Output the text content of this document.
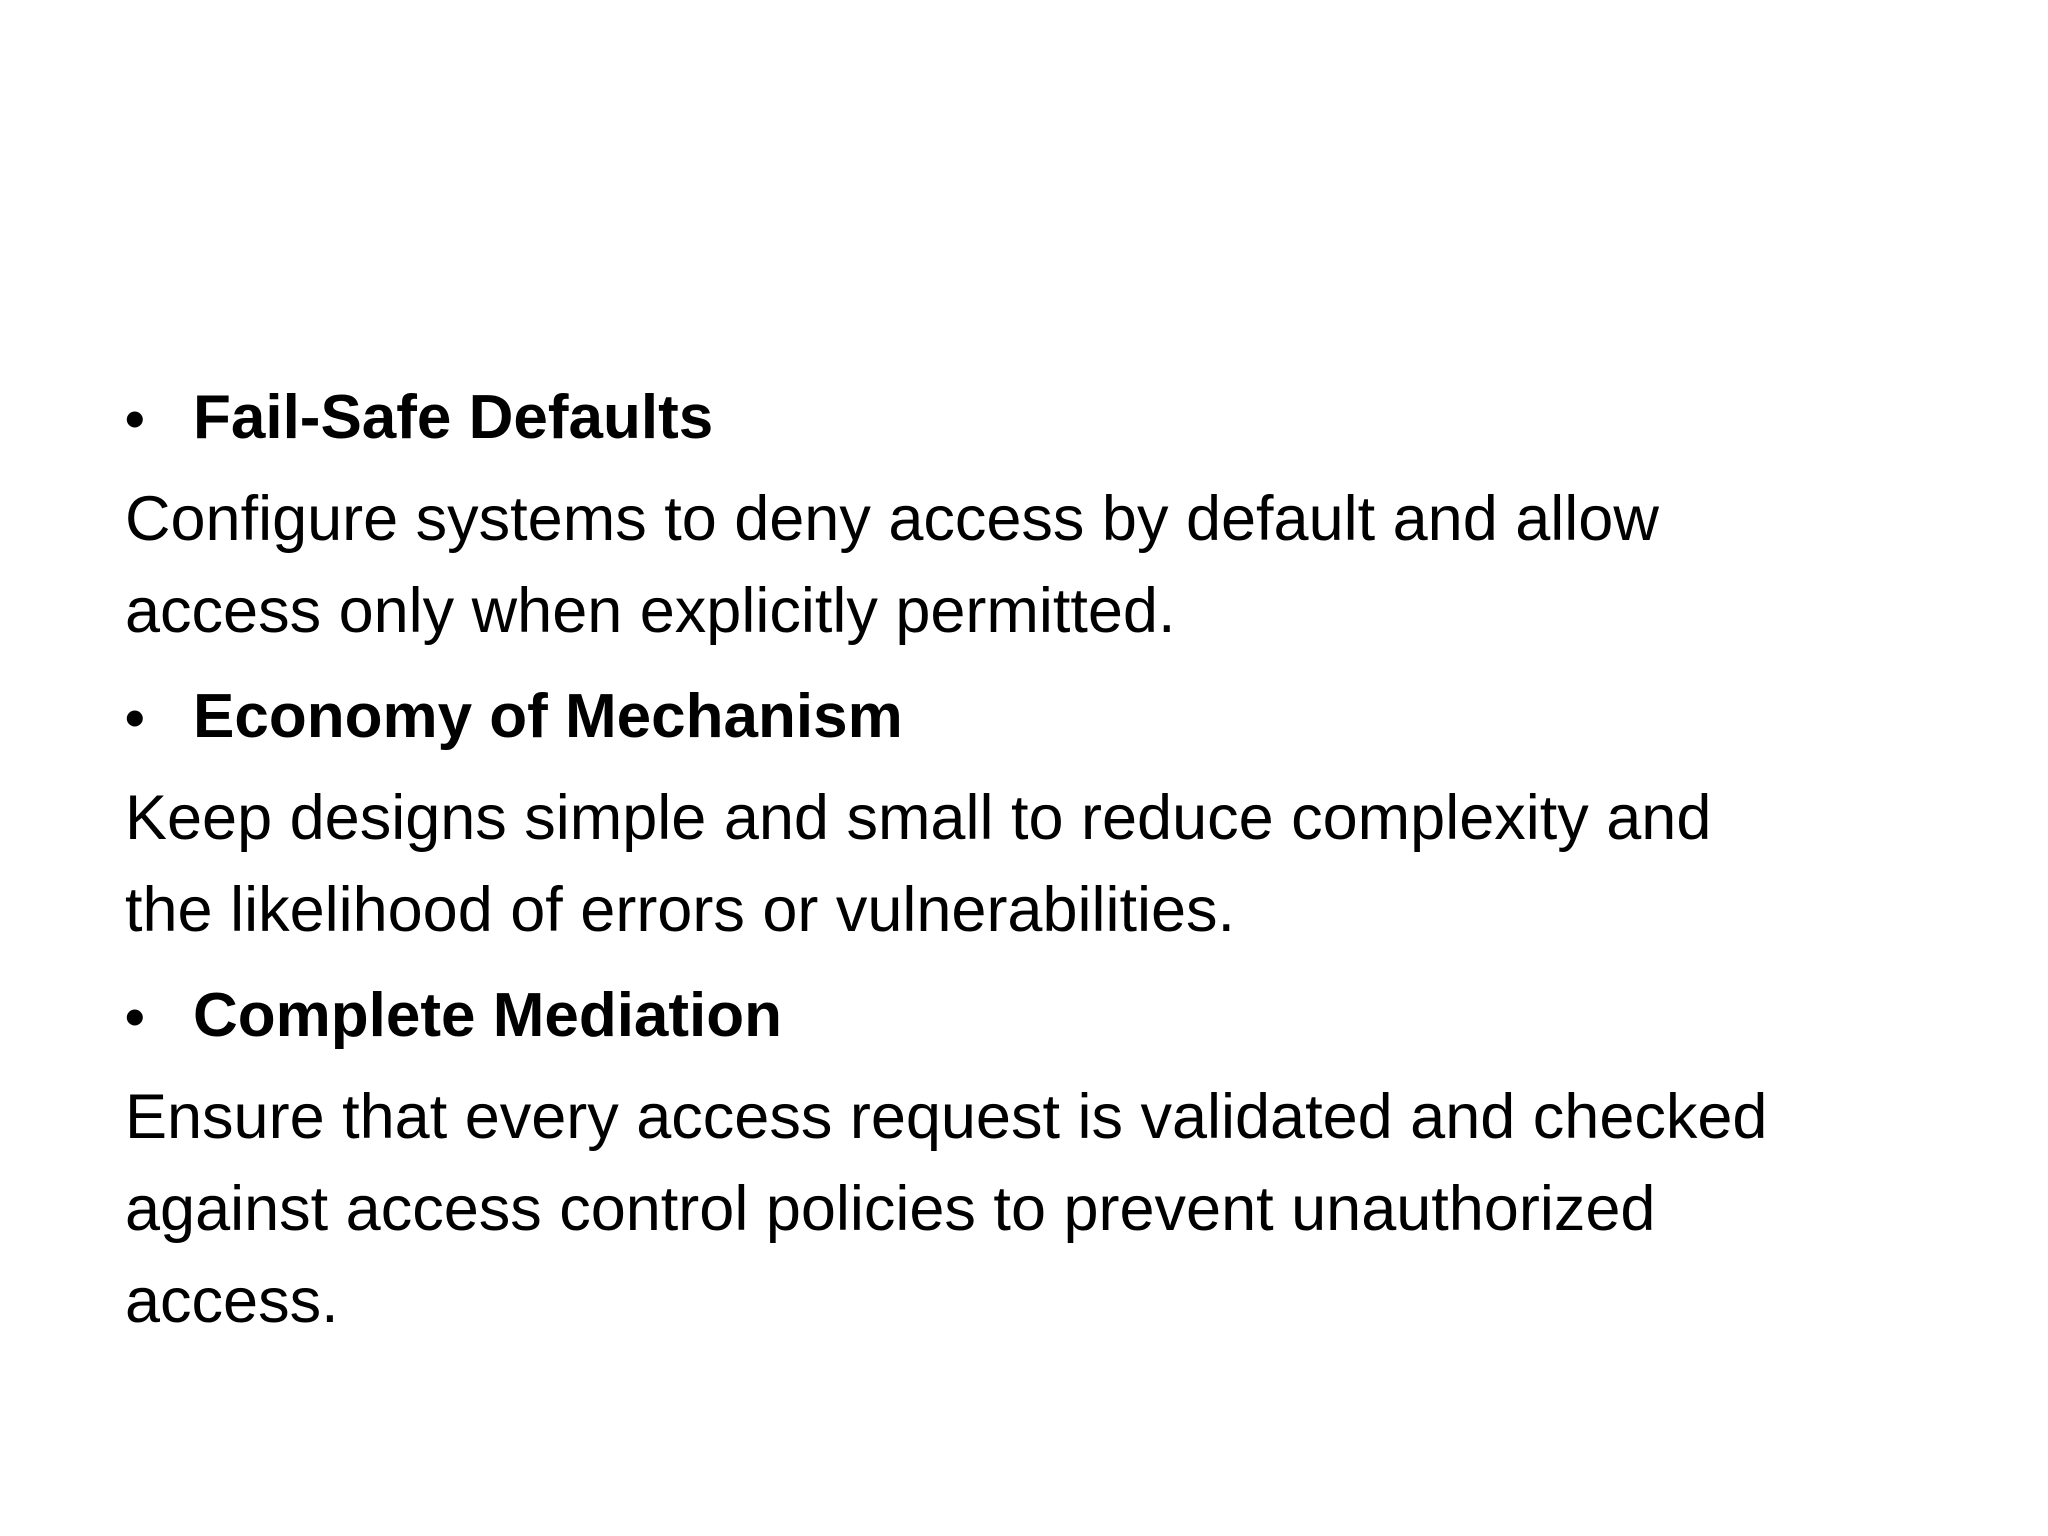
• Fail-Safe Defaults
Configure systems to deny access by default and allow
access only when explicitly permitted.
• Economy of Mechanism
Keep designs simple and small to reduce complexity and
the likelihood of errors or vulnerabilities.
• Complete Mediation
Ensure that every access request is validated and checked
against access control policies to prevent unauthorized
access.
